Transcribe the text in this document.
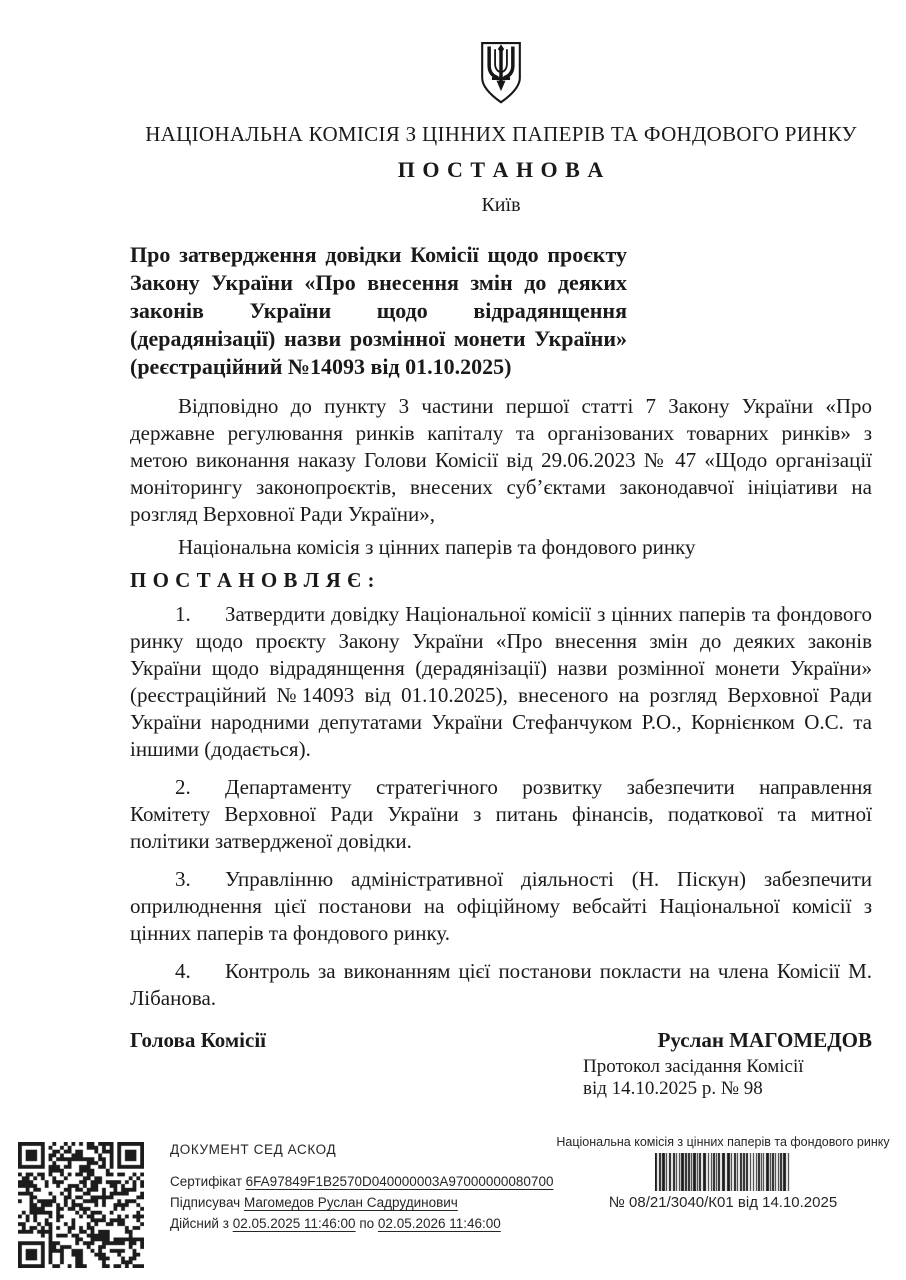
НАЦІОНАЛЬНА КОМІСІЯ З ЦІННИХ ПАПЕРІВ ТА ФОНДОВОГО РИНКУ
П О С Т А Н О В А
Київ
Про затвердження довідки Комісії щодо проєкту Закону України «Про внесення змін до деяких законів України щодо відрадянщення (дерадянізації) назви розмінної монети України» (реєстраційний №14093 від 01.10.2025)

Відповідно до пункту 3 частини першої статті 7 Закону України «Про державне регулювання ринків капіталу та організованих товарних ринків» з метою виконання наказу Голови Комісії від 29.06.2023 № 47 «Щодо організації моніторингу законопроєктів, внесених суб’єктами законодавчої ініціативи на розгляд Верховної Ради України»,

Національна комісія з цінних паперів та фондового ринку

П О С Т А Н О В Л Я Є :

1. Затвердити довідку Національної комісії з цінних паперів та фондового ринку щодо проєкту Закону України «Про внесення змін до деяких законів України щодо відрадянщення (дерадянізації) назви розмінної монети України» (реєстраційний №14093 від 01.10.2025), внесеного на розгляд Верховної Ради України народними депутатами України Стефанчуком Р.О., Корнієнком О.С. та іншими (додається).

2. Департаменту стратегічного розвитку забезпечити направлення Комітету Верховної Ради України з питань фінансів, податкової та митної політики затвердженої довідки.

3. Управлінню адміністративної діяльності (Н. Піскун) забезпечити оприлюднення цієї постанови на офіційному вебсайті Національної комісії з цінних паперів та фондового ринку.

4. Контроль за виконанням цієї постанови покласти на члена Комісії М. Лібанова.

Голова Комісії	Руслан МАГОМЕДОВ
Протокол засідання Комісії
від 14.10.2025 р. № 98
ДОКУМЕНТ СЕД АСКОД
Сертифікат 6FA97849F1B2570D040000003A97000000080700
Підписувач Магомедов Руслан Садрудинович
Дійсний з 02.05.2025 11:46:00 по 02.05.2026 11:46:00
Національна комісія з цінних паперів та фондового ринку
№ 08/21/3040/К01 від 14.10.2025
